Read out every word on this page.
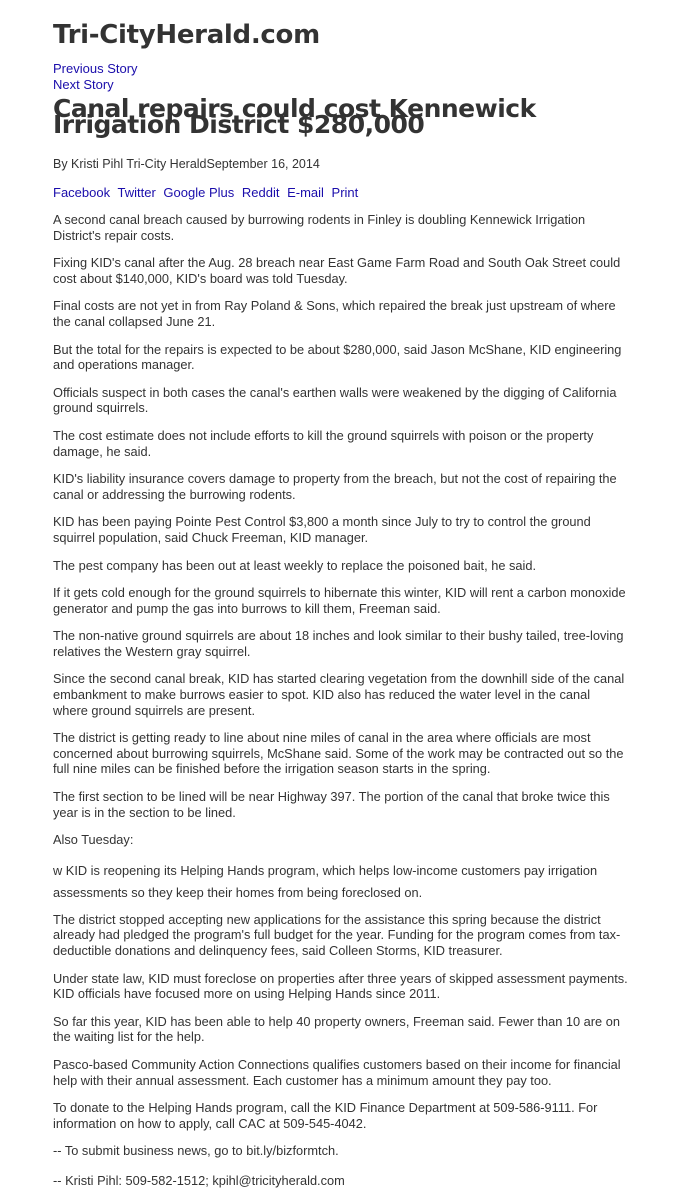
Tri-CityHerald.com
Previous Story
Next Story
Canal repairs could cost Kennewick Irrigation District $280,000
By Kristi Pihl Tri-City HeraldSeptember 16, 2014
Facebook Twitter Google Plus Reddit E-mail Print

A second canal breach caused by burrowing rodents in Finley is doubling Kennewick Irrigation District's repair costs.

Fixing KID's canal after the Aug. 28 breach near East Game Farm Road and South Oak Street could cost about $140,000, KID's board was told Tuesday.

Final costs are not yet in from Ray Poland & Sons, which repaired the break just upstream of where the canal collapsed June 21.

But the total for the repairs is expected to be about $280,000, said Jason McShane, KID engineering and operations manager.

Officials suspect in both cases the canal's earthen walls were weakened by the digging of California ground squirrels.

The cost estimate does not include efforts to kill the ground squirrels with poison or the property damage, he said.

KID's liability insurance covers damage to property from the breach, but not the cost of repairing the canal or addressing the burrowing rodents.

KID has been paying Pointe Pest Control $3,800 a month since July to try to control the ground squirrel population, said Chuck Freeman, KID manager.

The pest company has been out at least weekly to replace the poisoned bait, he said.

If it gets cold enough for the ground squirrels to hibernate this winter, KID will rent a carbon monoxide generator and pump the gas into burrows to kill them, Freeman said.

The non-native ground squirrels are about 18 inches and look similar to their bushy tailed, tree-loving relatives the Western gray squirrel.

Since the second canal break, KID has started clearing vegetation from the downhill side of the canal embankment to make burrows easier to spot. KID also has reduced the water level in the canal where ground squirrels are present.

The district is getting ready to line about nine miles of canal in the area where officials are most concerned about burrowing squirrels, McShane said. Some of the work may be contracted out so the full nine miles can be finished before the irrigation season starts in the spring.

The first section to be lined will be near Highway 397. The portion of the canal that broke twice this year is in the section to be lined.

Also Tuesday:

w KID is reopening its Helping Hands program, which helps low-income customers pay irrigation assessments so they keep their homes from being foreclosed on.

The district stopped accepting new applications for the assistance this spring because the district already had pledged the program's full budget for the year. Funding for the program comes from tax-deductible donations and delinquency fees, said Colleen Storms, KID treasurer.

Under state law, KID must foreclose on properties after three years of skipped assessment payments. KID officials have focused more on using Helping Hands since 2011.

So far this year, KID has been able to help 40 property owners, Freeman said. Fewer than 10 are on the waiting list for the help.

Pasco-based Community Action Connections qualifies customers based on their income for financial help with their annual assessment. Each customer has a minimum amount they pay too.

To donate to the Helping Hands program, call the KID Finance Department at 509-586-9111. For information on how to apply, call CAC at 509-545-4042.

-- To submit business news, go to bit.ly/bizformtch.

-- Kristi Pihl: 509-582-1512; kpihl@tricityherald.com
